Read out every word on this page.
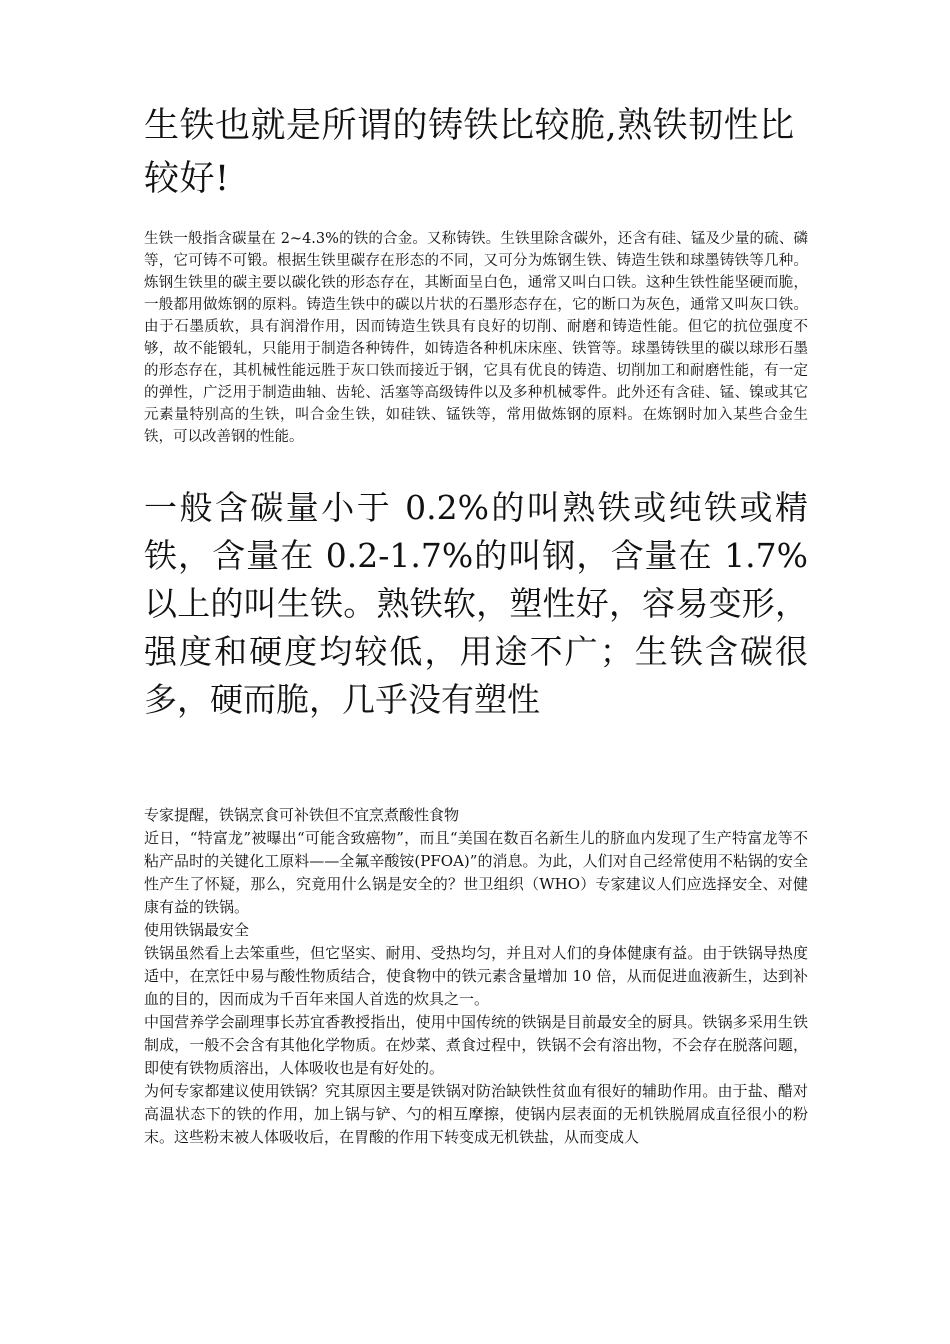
生铁也就是所谓的铸铁比较脆,熟铁韧性比较好!

生铁一般指含碳量在 2~4.3%的铁的合金。又称铸铁。生铁里除含碳外，还含有硅、锰及少量的硫、磷等，它可铸不可锻。根据生铁里碳存在形态的不同，又可分为炼钢生铁、铸造生铁和球墨铸铁等几种。炼钢生铁里的碳主要以碳化铁的形态存在，其断面呈白色，通常又叫白口铁。这种生铁性能坚硬而脆，一般都用做炼钢的原料。铸造生铁中的碳以片状的石墨形态存在，它的断口为灰色，通常又叫灰口铁。由于石墨质软，具有润滑作用，因而铸造生铁具有良好的切削、耐磨和铸造性能。但它的抗位强度不够，故不能锻轧，只能用于制造各种铸件，如铸造各种机床床座、铁管等。球墨铸铁里的碳以球形石墨的形态存在，其机械性能远胜于灰口铁而接近于钢，它具有优良的铸造、切削加工和耐磨性能，有一定的弹性，广泛用于制造曲轴、齿轮、活塞等高级铸件以及多种机械零件。此外还有含硅、锰、镍或其它元素量特别高的生铁，叫合金生铁，如硅铁、锰铁等，常用做炼钢的原料。在炼钢时加入某些合金生铁，可以改善钢的性能。

一般含碳量小于 0.2%的叫熟铁或纯铁或精铁，含量在 0.2-1.7%的叫钢，含量在 1.7%以上的叫生铁。熟铁软，塑性好，容易变形，强度和硬度均较低，用途不广；生铁含碳很多，硬而脆，几乎没有塑性

专家提醒，铁锅烹食可补铁但不宜烹煮酸性食物

近日，“特富龙”被曝出“可能含致癌物”，而且“美国在数百名新生儿的脐血内发现了生产特富龙等不粘产品时的关键化工原料——全氟辛酸铵(PFOA)”的消息。为此，人们对自己经常使用不粘锅的安全性产生了怀疑，那么，究竟用什么锅是安全的？世卫组织（WHO）专家建议人们应选择安全、对健康有益的铁锅。

使用铁锅最安全

铁锅虽然看上去笨重些，但它坚实、耐用、受热均匀，并且对人们的身体健康有益。由于铁锅导热度适中，在烹饪中易与酸性物质结合，使食物中的铁元素含量增加 10 倍，从而促进血液新生，达到补血的目的，因而成为千百年来国人首选的炊具之一。

中国营养学会副理事长苏宜香教授指出，使用中国传统的铁锅是目前最安全的厨具。铁锅多采用生铁制成，一般不会含有其他化学物质。在炒菜、煮食过程中，铁锅不会有溶出物，不会存在脱落问题，即使有铁物质溶出，人体吸收也是有好处的。

为何专家都建议使用铁锅？究其原因主要是铁锅对防治缺铁性贫血有很好的辅助作用。由于盐、醋对高温状态下的铁的作用，加上锅与铲、勺的相互摩擦，使锅内层表面的无机铁脱屑成直径很小的粉末。这些粉末被人体吸收后，在胃酸的作用下转变成无机铁盐，从而变成人
